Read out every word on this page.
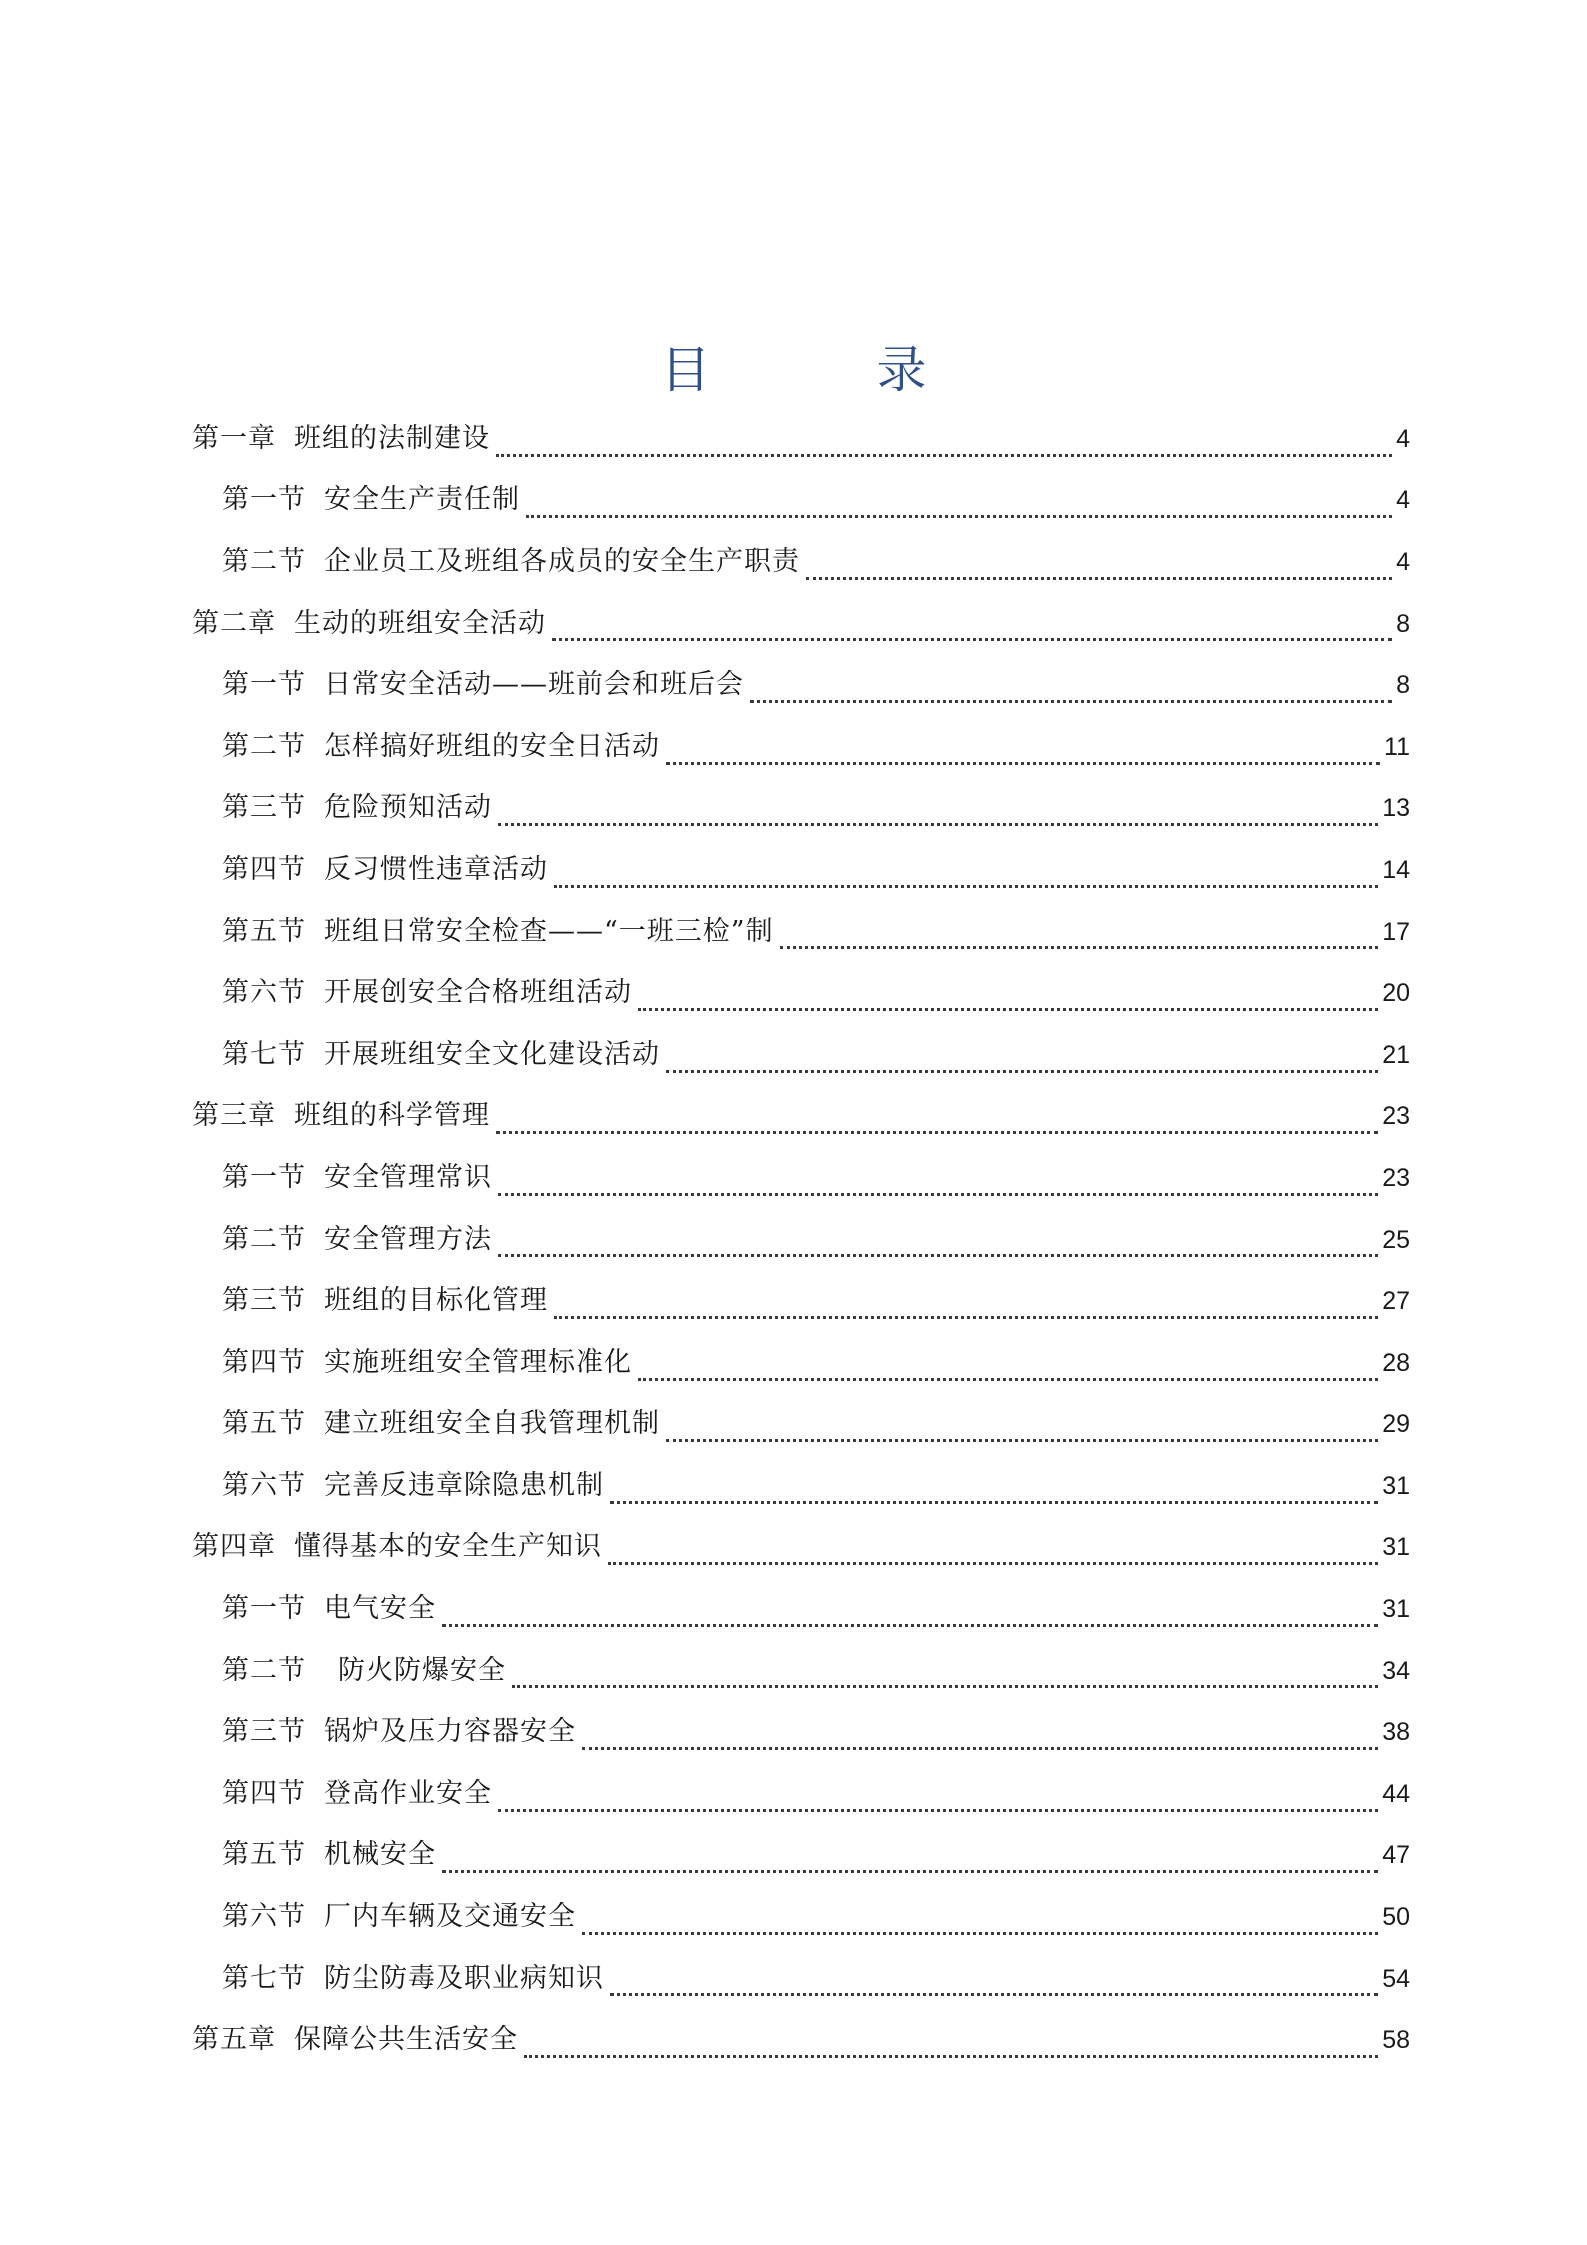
目　录
第一章 班组的法制建设	4
第一节 安全生产责任制	4
第二节 企业员工及班组各成员的安全生产职责	4
第二章 生动的班组安全活动	8
第一节 日常安全活动——班前会和班后会	8
第二节 怎样搞好班组的安全日活动	11
第三节 危险预知活动	13
第四节 反习惯性违章活动	14
第五节 班组日常安全检查——“一班三检”制	17
第六节 开展创安全合格班组活动	20
第七节 开展班组安全文化建设活动	21
第三章 班组的科学管理	23
第一节 安全管理常识	23
第二节 安全管理方法	25
第三节 班组的目标化管理	27
第四节 实施班组安全管理标准化	28
第五节 建立班组安全自我管理机制	29
第六节 完善反违章除隐患机制	31
第四章 懂得基本的安全生产知识	31
第一节 电气安全	31
第二节 防火防爆安全	34
第三节 锅炉及压力容器安全	38
第四节 登高作业安全	44
第五节 机械安全	47
第六节 厂内车辆及交通安全	50
第七节 防尘防毒及职业病知识	54
第五章 保障公共生活安全	58
